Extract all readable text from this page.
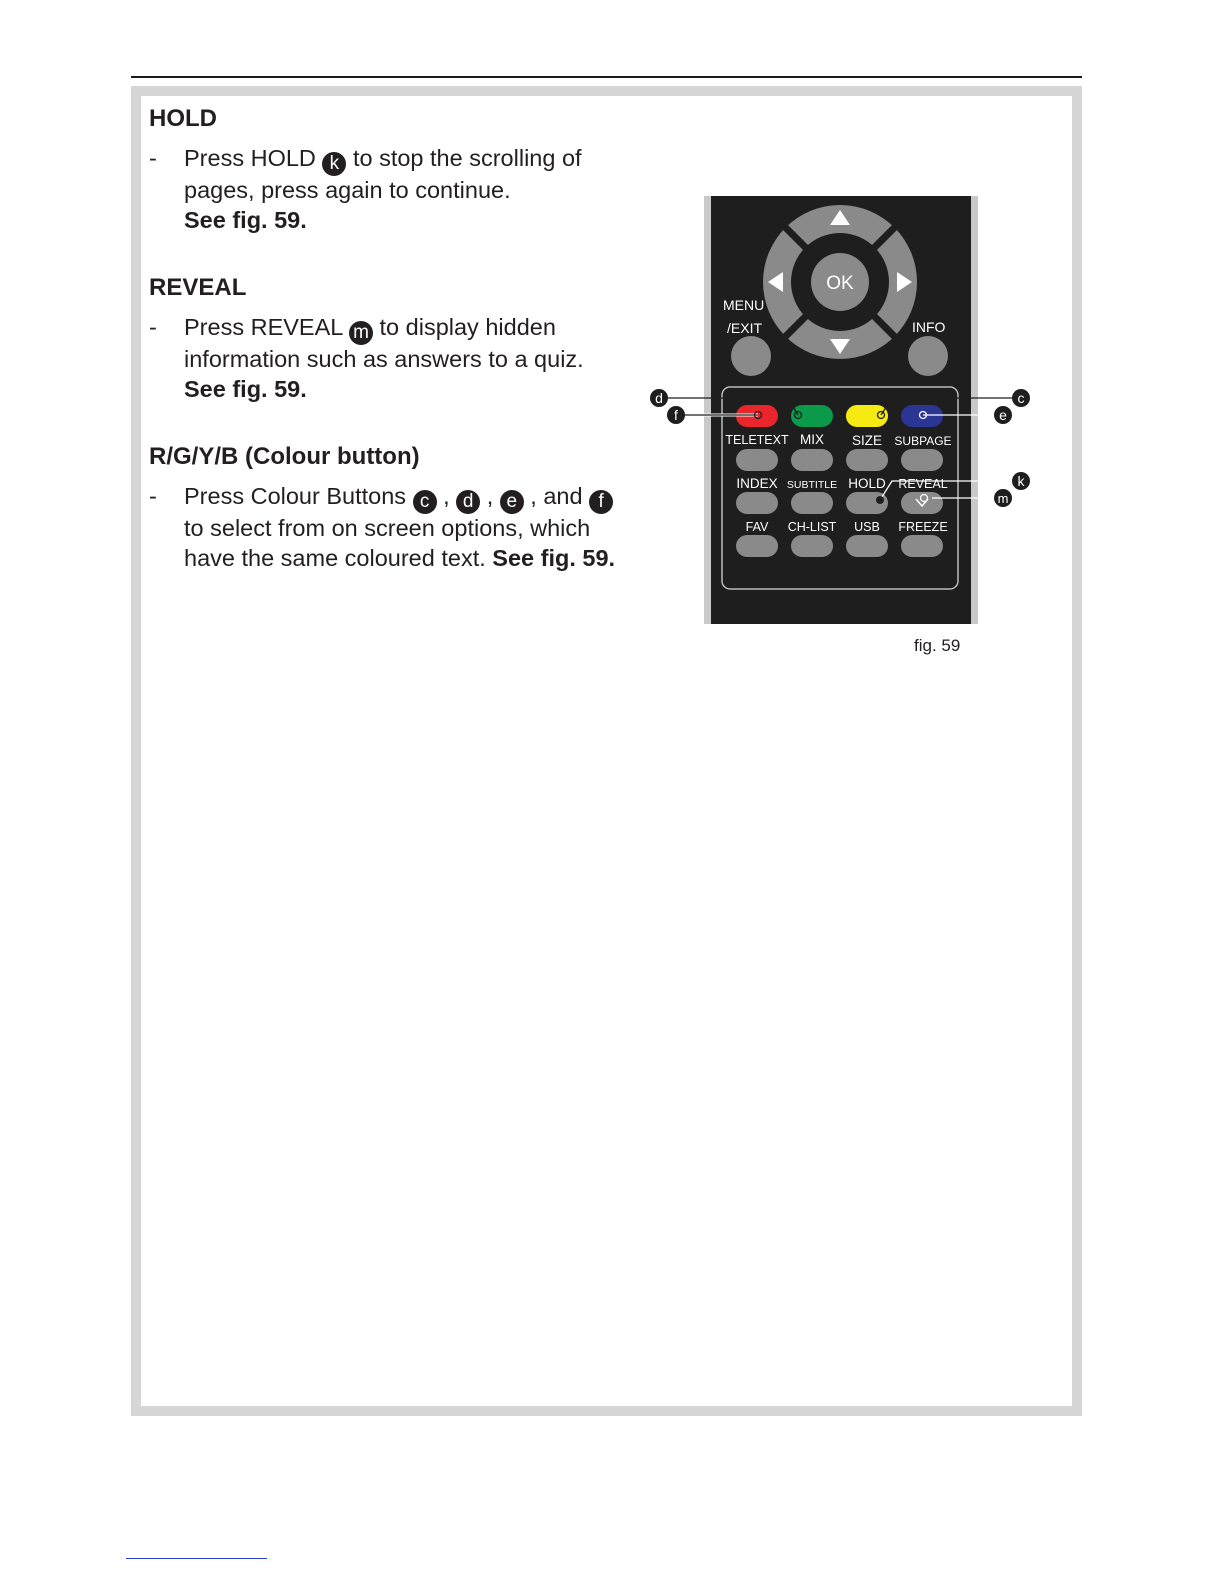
HOLD
- Press HOLD k to stop the scrolling of pages, press again to continue.
See fig. 59.
REVEAL
- Press REVEAL m to display hidden information such as answers to a quiz.
See fig. 59.
R/G/Y/B (Colour button)
- Press Colour Buttons c , d , e , and f to select from on screen options, which have the same coloured text. See fig. 59.
OK
MENU
/EXIT	INFO
TELETEXT MIX SIZE SUBPAGE
INDEX SUBTITLE HOLD REVEAL
FAV CH-LIST USB FREEZE
d
f
c
e
k
m
fig. 59
